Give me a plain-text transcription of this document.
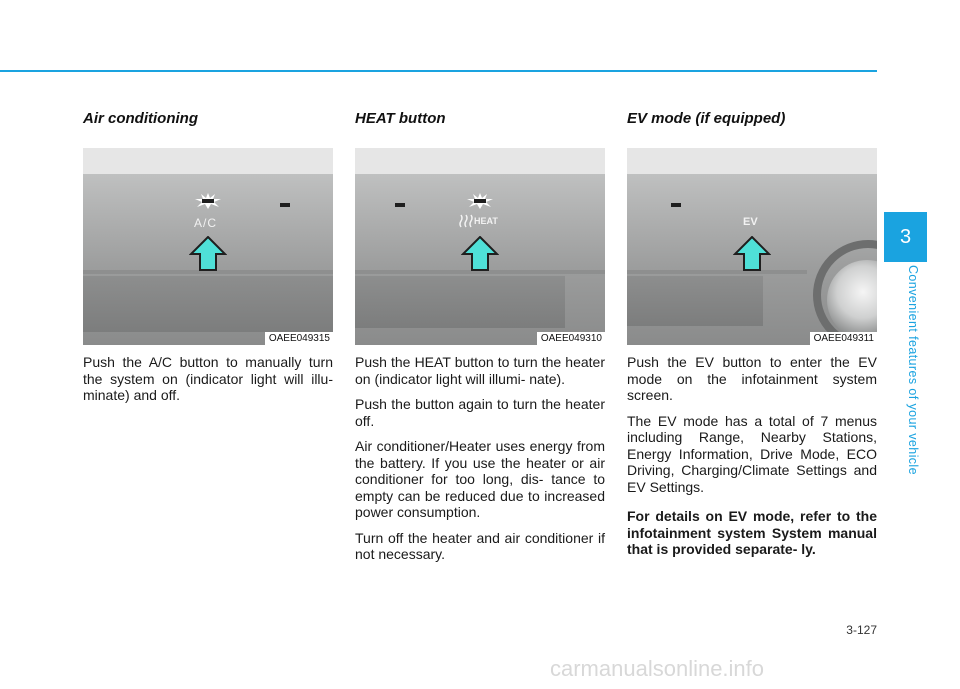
Air conditioning
A/C
OAEE049315

Push the A/C button to manually turn the system on (indicator light will illu- minate) and off.

HEAT button
HEAT
OAEE049310

Push the HEAT button to turn the heater on (indicator light will illumi- nate).

Push the button again to turn the heater off.

Air conditioner/Heater uses energy from the battery. If you use the heater or air conditioner for too long, dis- tance to empty can be reduced due to increased power consumption.

Turn off the heater and air conditioner if not necessary.

EV mode (if equipped)
EV
OAEE049311

Push the EV button to enter the EV mode on the infotainment system screen.

The EV mode has a total of 7 menus including Range, Nearby Stations, Energy Information, Drive Mode, ECO Driving, Charging/Climate Settings and EV Settings.

For details on EV mode, refer to the infotainment system System manual that is provided separate- ly.

3
Convenient features of your vehicle
3-127
carmanualsonline.info
